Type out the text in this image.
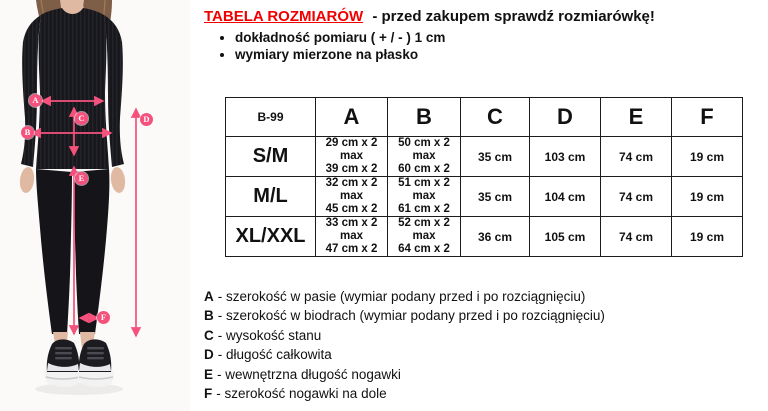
A
B
C	D
E
F
TABELA ROZMIARÓW - przed zakupem sprawdź rozmiarówkę!
• dokładność pomiaru ( + / - ) 1 cm
• wymiary mierzone na płasko
B-99	A	B	C	D	E	F
S/M	29 cm x 2
max
39 cm x 2	50 cm x 2
max
60 cm x 2	35 cm	103 cm	74 cm	19 cm
M/L	32 cm x 2
max
45 cm x 2	51 cm x 2
max
61 cm x 2	35 cm	104 cm	74 cm	19 cm
XL/XXL	33 cm x 2
max
47 cm x 2	52 cm x 2
max
64 cm x 2	36 cm	105 cm	74 cm	19 cm
A - szerokość w pasie (wymiar podany przed i po rozciągnięciu)
B - szerokość w biodrach (wymiar podany przed i po rozciągnięciu)
C - wysokość stanu
D - długość całkowita
E - wewnętrzna długość nogawki
F - szerokość nogawki na dole
